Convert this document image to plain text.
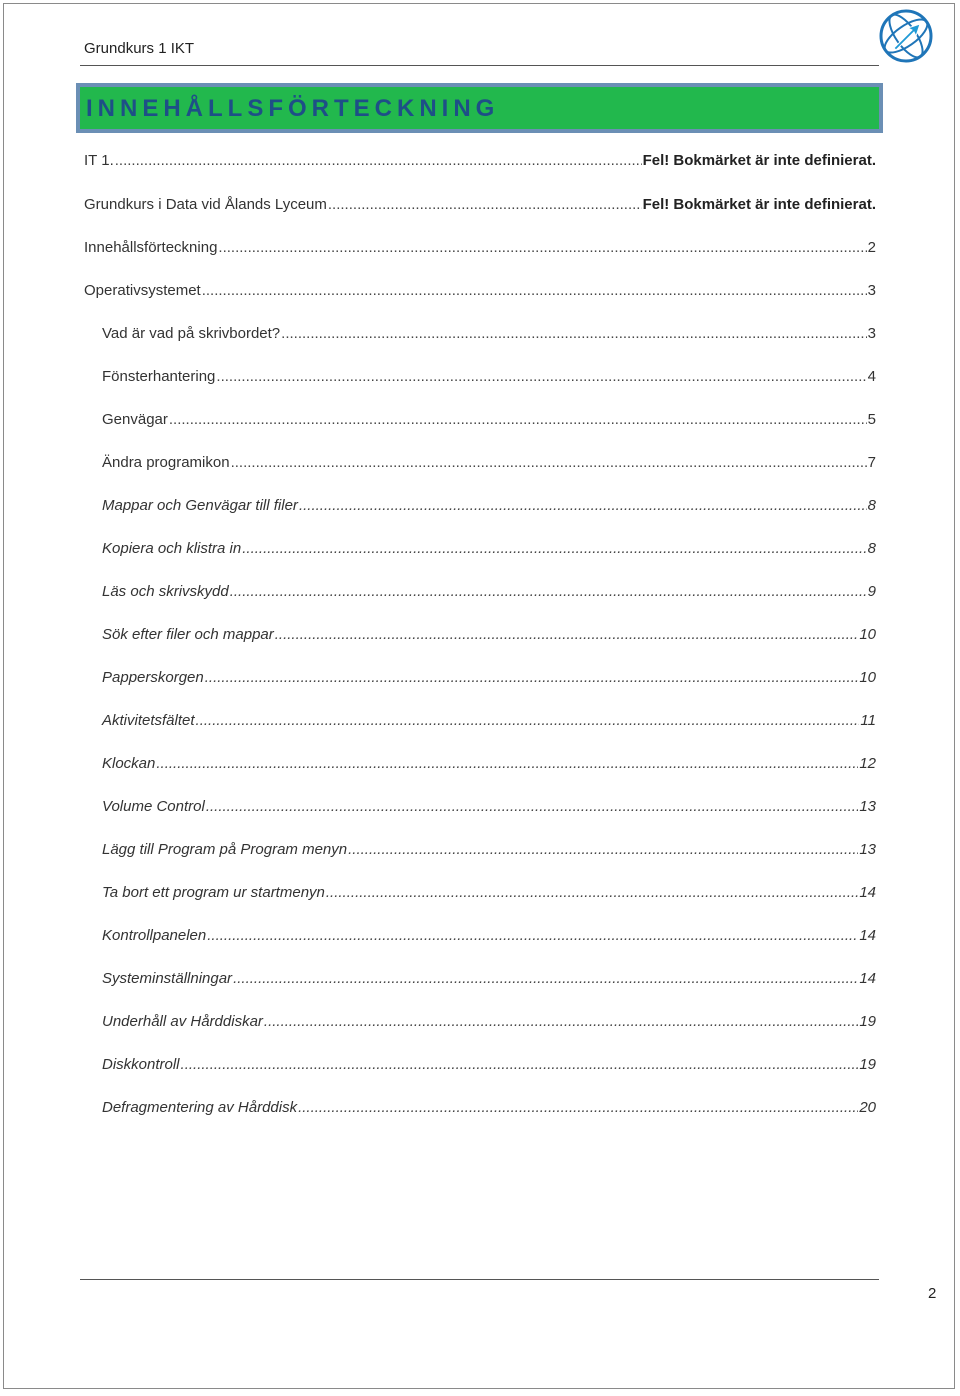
Grundkurs 1 IKT
INNEHÅLLSFÖRTECKNING
IT 1. .....	Fel! Bokmärket är inte definierat.
Grundkurs i Data vid Ålands Lyceum .....	Fel! Bokmärket är inte definierat.
Innehållsförteckning .....	2
Operativsystemet .....	3
Vad är vad på skrivbordet? .....	3
Fönsterhantering .....	4
Genvägar .....	5
Ändra programikon .....	7
Mappar och Genvägar till filer .....	8
Kopiera och klistra in .....	8
Läs och skrivskydd .....	9
Sök efter filer och mappar .....	10
Papperskorgen .....	10
Aktivitetsfältet .....	11
Klockan .....	12
Volume Control .....	13
Lägg till Program på Program menyn .....	13
Ta bort ett program ur startmenyn .....	14
Kontrollpanelen .....	14
Systeminställningar .....	14
Underhåll av Hårddiskar .....	19
Diskkontroll .....	19
Defragmentering av Hårddisk .....	20
2
